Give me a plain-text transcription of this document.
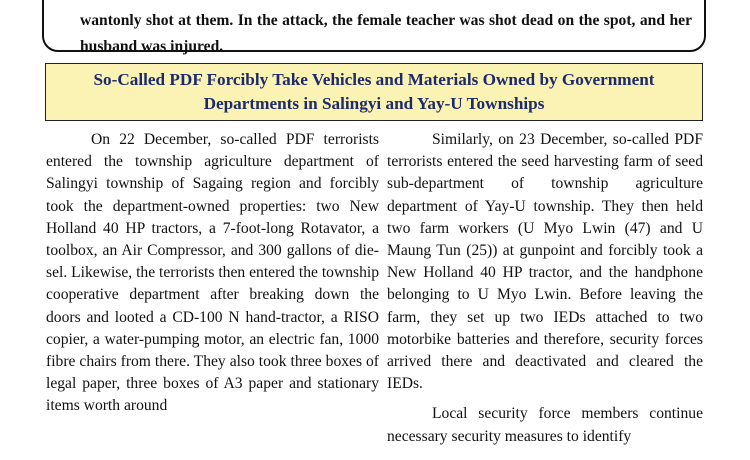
wantonly shot at them. In the attack, the female teacher was shot dead on the spot, and her husband was injured.

So-Called PDF Forcibly Take Vehicles and Materials Owned by Government Departments in Salingyi and Yay-U Townships

On 22 December, so-called PDF terrorists entered the township agriculture department of Salingyi township of Sagaing region and forcibly took the department-owned properties: two New Holland 40 HP tractors, a 7-foot-long Rotavator, a toolbox, an Air Compressor, and 300 gallons of diesel. Likewise, the terrorists then entered the township cooperative department after breaking down the doors and looted a CD-100 N hand-tractor, a RISO copier, a water-pumping motor, an electric fan, 1000 fibre chairs from there. They also took three boxes of legal paper, three boxes of A3 paper and stationary items worth around

Similarly, on 23 December, so-called PDF terrorists entered the seed harvesting farm of seed sub-department of township agriculture department of Yay-U township. They then held two farm workers (U Myo Lwin (47) and U Maung Tun (25)) at gunpoint and forcibly took a New Holland 40 HP tractor, and the handphone belonging to U Myo Lwin. Before leaving the farm, they set up two IEDs attached to two motorbike batteries and therefore, security forces arrived there and deactivated and cleared the IEDs.

Local security force members continue necessary security measures to identify
